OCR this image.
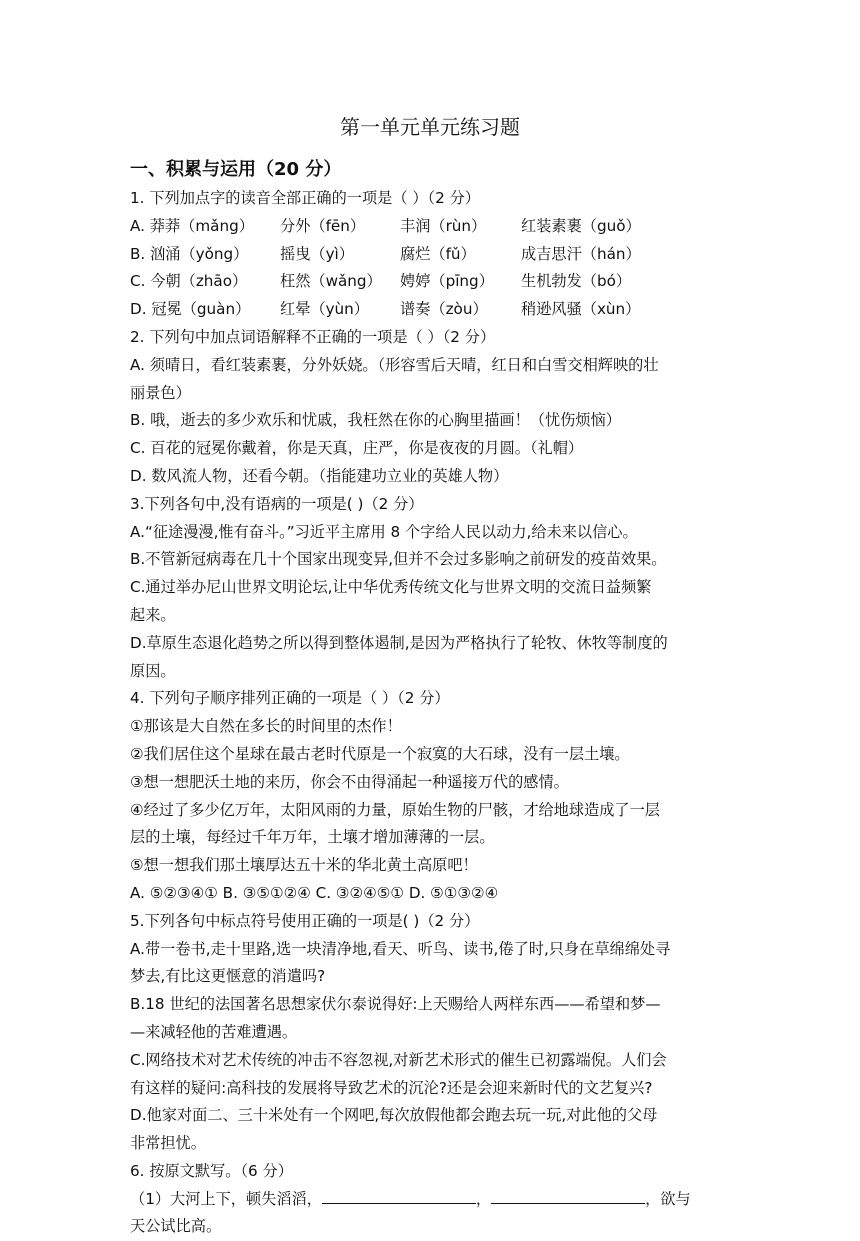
第一单元单元练习题
一、积累与运用（20 分）
1. 下列加点字的读音全部正确的一项是（ ）（2 分）
A. 莽莽（mǎng）	分外（fēn）	丰润（rùn）	红装素裹（guǒ）
B. 汹涌（yǒng）	摇曳（yì）	腐烂（fǔ）	成吉思汗（hán）
C. 今朝（zhāo）	枉然（wǎng）	娉婷（pīng）	生机勃发（bó）
D. 冠冕（guàn）	红晕（yùn）	谱奏（zòu）	稍逊风骚（xùn）
2. 下列句中加点词语解释不正确的一项是（ ）（2 分）
A. 须晴日，看红装素裹，分外妖娆。（形容雪后天晴，红日和白雪交相辉映的壮
丽景色）
B. 哦，逝去的多少欢乐和忧戚，我枉然在你的心胸里描画！（忧伤烦恼）
C. 百花的冠冕你戴着，你是天真，庄严，你是夜夜的月圆。（礼帽）
D. 数风流人物，还看今朝。（指能建功立业的英雄人物）
3.下列各句中,没有语病的一项是( )（2 分）
A.“征途漫漫,惟有奋斗。”习近平主席用 8 个字给人民以动力,给未来以信心。
B.不管新冠病毒在几十个国家出现变异,但并不会过多影响之前研发的疫苗效果。
C.通过举办尼山世界文明论坛,让中华优秀传统文化与世界文明的交流日益频繁
起来。
D.草原生态退化趋势之所以得到整体遏制,是因为严格执行了轮牧、休牧等制度的
原因。
4. 下列句子顺序排列正确的一项是（ ）（2 分）
①那该是大自然在多长的时间里的杰作！
②我们居住这个星球在最古老时代原是一个寂寞的大石球，没有一层土壤。
③想一想肥沃土地的来历，你会不由得涌起一种遥接万代的感情。
④经过了多少亿万年，太阳风雨的力量，原始生物的尸骸，才给地球造成了一层
层的土壤，每经过千年万年，土壤才增加薄薄的一层。
⑤想一想我们那土壤厚达五十米的华北黄土高原吧！
A. ⑤②③④① B. ③⑤①②④ C. ③②④⑤① D. ⑤①③②④
5.下列各句中标点符号使用正确的一项是( )（2 分）
A.带一卷书,走十里路,选一块清净地,看天、听鸟、读书,倦了时,只身在草绵绵处寻
梦去,有比这更惬意的消遣吗?
B.18 世纪的法国著名思想家伏尔泰说得好:上天赐给人两样东西——希望和梦—
—来减轻他的苦难遭遇。
C.网络技术对艺术传统的冲击不容忽视,对新艺术形式的催生已初露端倪。人们会
有这样的疑问:高科技的发展将导致艺术的沉沦?还是会迎来新时代的文艺复兴?
D.他家对面二、三十米处有一个网吧,每次放假他都会跑去玩一玩,对此他的父母
非常担忧。
6. 按原文默写。（6 分）
（1）大河上下，顿失滔滔，	，	，欲与
天公试比高。
